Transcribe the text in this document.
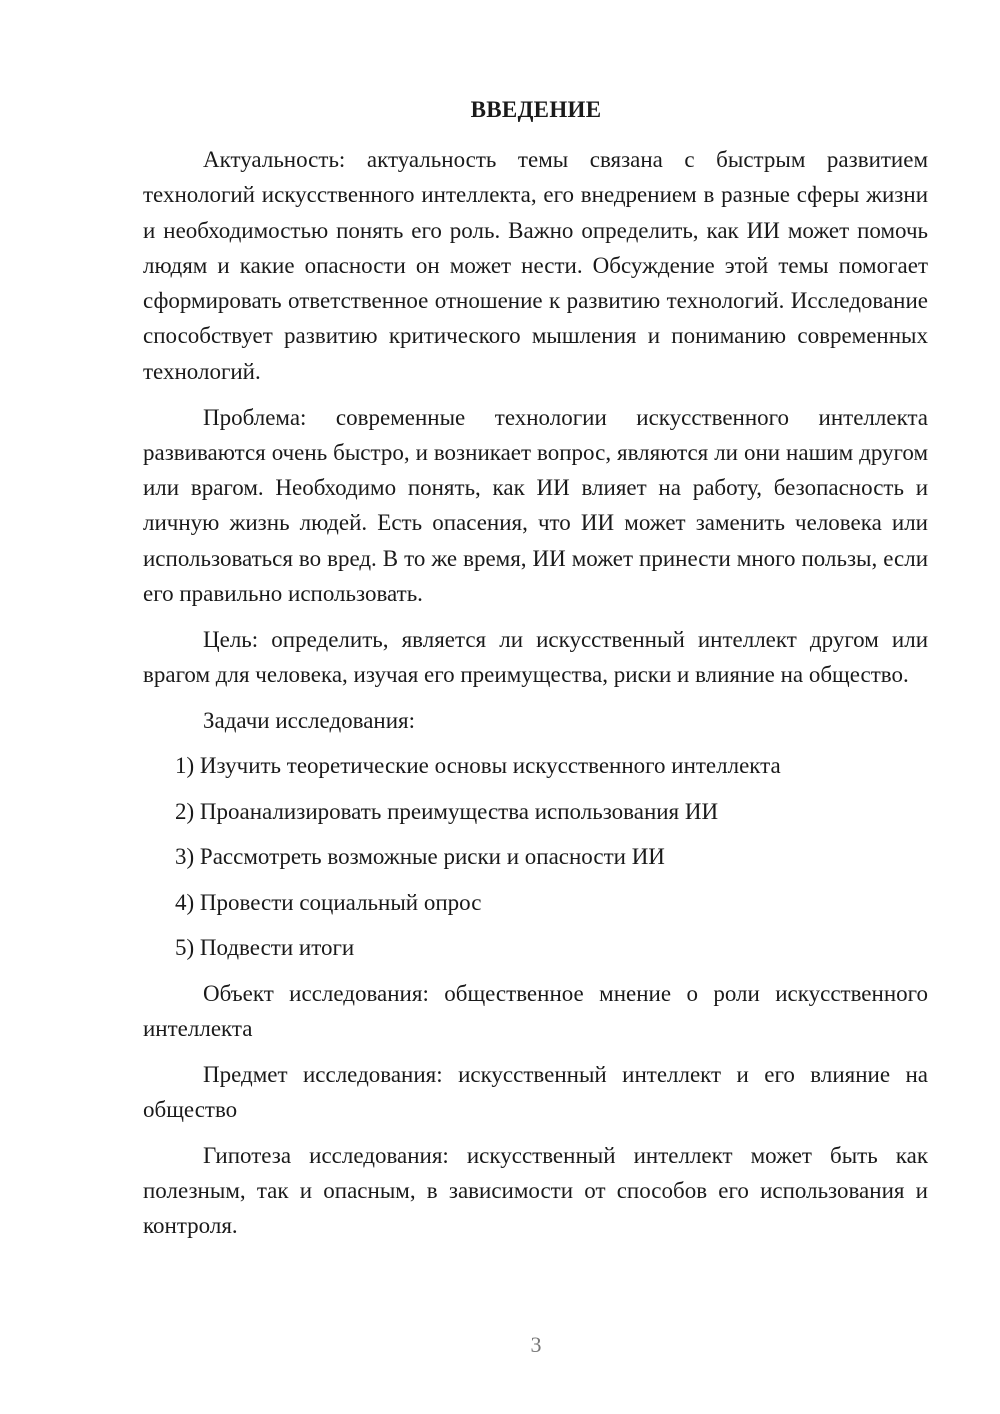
ВВЕДЕНИЕ

Актуальность: актуальность темы связана с быстрым развитием технологий искусственного интеллекта, его внедрением в разные сферы жизни и необходимостью понять его роль. Важно определить, как ИИ может помочь людям и какие опасности он может нести. Обсуждение этой темы помогает сформировать ответственное отношение к развитию технологий. Исследование способствует развитию критического мышления и пониманию современных технологий.

Проблема: современные технологии искусственного интеллекта развиваются очень быстро, и возникает вопрос, являются ли они нашим другом или врагом. Необходимо понять, как ИИ влияет на работу, безопасность и личную жизнь людей. Есть опасения, что ИИ может заменить человека или использоваться во вред. В то же время, ИИ может принести много пользы, если его правильно использовать.

Цель: определить, является ли искусственный интеллект другом или врагом для человека, изучая его преимущества, риски и влияние на общество.

Задачи исследования:

1) Изучить теоретические основы искусственного интеллекта
2) Проанализировать преимущества использования ИИ
3) Рассмотреть возможные риски и опасности ИИ
4) Провести социальный опрос
5) Подвести итоги

Объект исследования: общественное мнение о роли искусственного интеллекта

Предмет исследования: искусственный интеллект и его влияние на общество

Гипотеза исследования: искусственный интеллект может быть как полезным, так и опасным, в зависимости от способов его использования и контроля.

3
